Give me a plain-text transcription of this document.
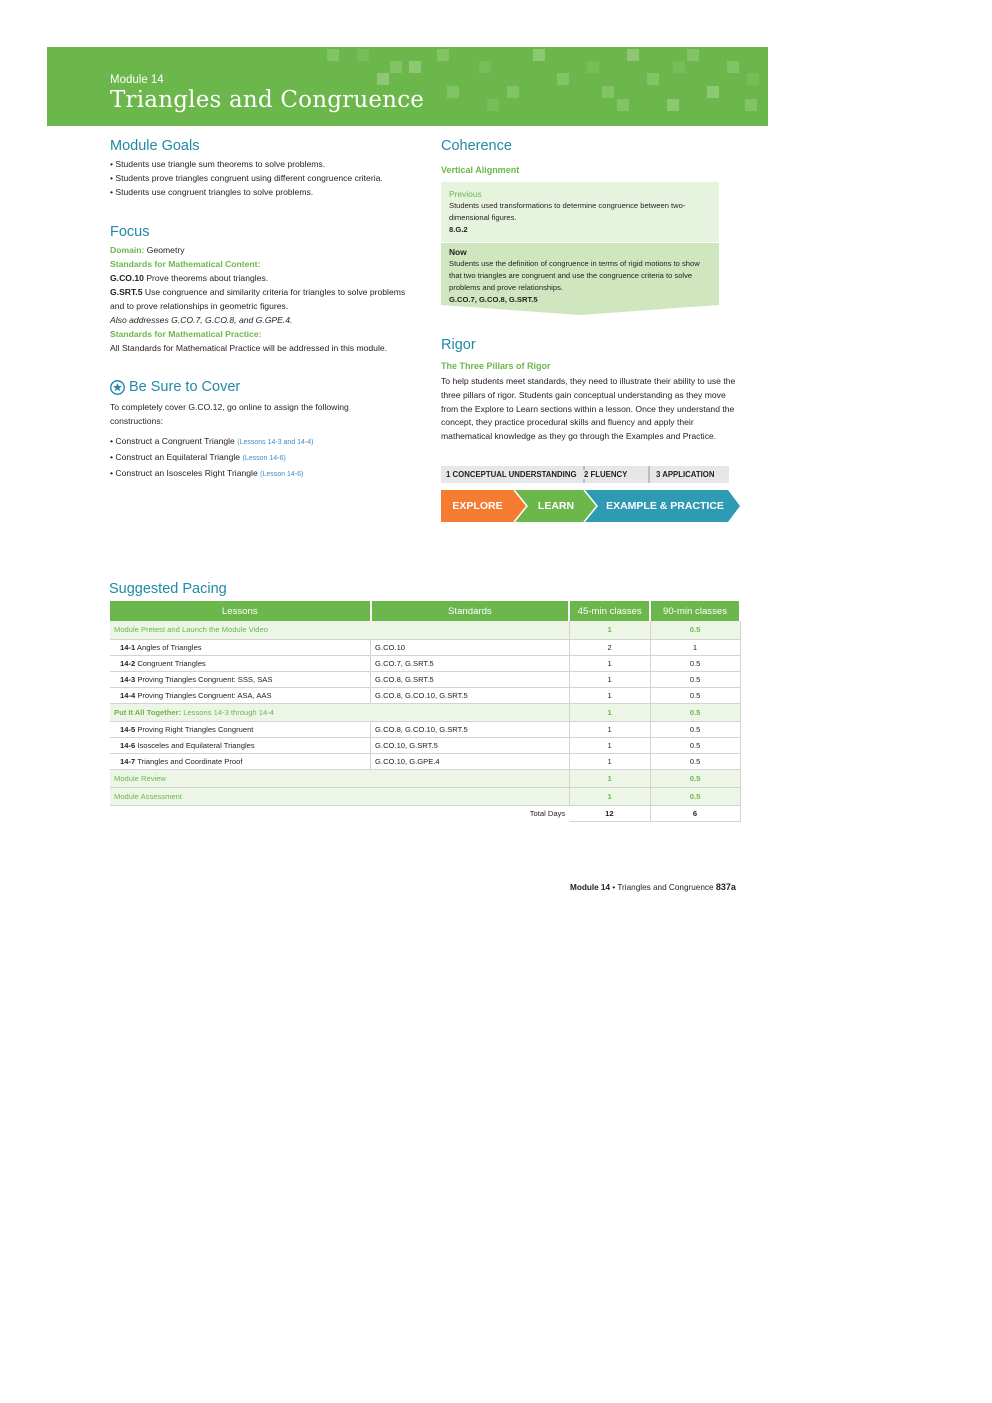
Module 14
Triangles and Congruence
Module Goals
• Students use triangle sum theorems to solve problems.
• Students prove triangles congruent using different congruence criteria.
• Students use congruent triangles to solve problems.
Focus
Domain: Geometry
Standards for Mathematical Content:
G.CO.10 Prove theorems about triangles.
G.SRT.5 Use congruence and similarity criteria for triangles to solve problems and to prove relationships in geometric figures.
Also addresses G.CO.7, G.CO.8, and G.GPE.4.
Standards for Mathematical Practice:
All Standards for Mathematical Practice will be addressed in this module.
Be Sure to Cover
To completely cover G.CO.12, go online to assign the following constructions:
• Construct a Congruent Triangle (Lessons 14-3 and 14-4)
• Construct an Equilateral Triangle (Lesson 14-6)
• Construct an Isosceles Right Triangle (Lesson 14-6)
Coherence
Vertical Alignment
Previous
Students used transformations to determine congruence between two-dimensional figures.
8.G.2
Now
Students use the definition of congruence in terms of rigid motions to show that two triangles are congruent and use the congruence criteria to solve problems and prove relationships.
G.CO.7, G.CO.8, G.SRT.5
Rigor
The Three Pillars of Rigor
To help students meet standards, they need to illustrate their ability to use the three pillars of rigor. Students gain conceptual understanding as they move from the Explore to Learn sections within a lesson. Once they understand the concept, they practice procedural skills and fluency and apply their mathematical knowledge as they go through the Examples and Practice.
1 CONCEPTUAL UNDERSTANDING 2 FLUENCY	3 APPLICATION
EXPLORE	LEARN	EXAMPLE & PRACTICE
Suggested Pacing
Lessons	Standards	45-min classes	90-min classes
Module Pretest and Launch the Module Video		1	0.5
14-1 Angles of Triangles	G.CO.10	2	1
14-2 Congruent Triangles	G.CO.7, G.SRT.5	1	0.5
14-3 Proving Triangles Congruent: SSS, SAS	G.CO.8, G.SRT.5	1	0.5
14-4 Proving Triangles Congruent: ASA, AAS	G.CO.8, G.CO.10, G.SRT.5	1	0.5
Put It All Together: Lessons 14-3 through 14-4		1	0.5
14-5 Proving Right Triangles Congruent	G.CO.8, G.CO.10, G.SRT.5	1	0.5
14-6 Isosceles and Equilateral Triangles	G.CO.10, G.SRT.5	1	0.5
14-7 Triangles and Coordinate Proof	G.CO.10, G.GPE.4	1	0.5
Module Review		1	0.5
Module Assessment		1	0.5
Total Days		12	6
Module 14 • Triangles and Congruence 837a
